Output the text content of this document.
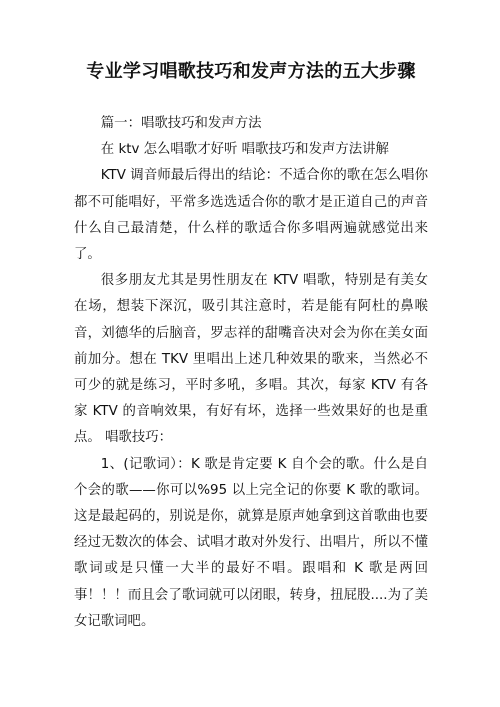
专业学习唱歌技巧和发声方法的五大步骤

篇一：唱歌技巧和发声方法

在 ktv 怎么唱歌才好听 唱歌技巧和发声方法讲解

KTV 调音师最后得出的结论：不适合你的歌在怎么唱你都不可能唱好，平常多选选适合你的歌才是正道自己的声音什么自己最清楚，什么样的歌适合你多唱两遍就感觉出来了。

很多朋友尤其是男性朋友在 KTV 唱歌，特别是有美女在场，想装下深沉，吸引其注意时，若是能有阿杜的鼻喉音，刘德华的后脑音，罗志祥的甜嘴音决对会为你在美女面前加分。想在 TKV 里唱出上述几种效果的歌来，当然必不可少的就是练习，平时多吼，多唱。其次，每家 KTV 有各家 KTV 的音响效果，有好有坏，选择一些效果好的也是重点。 唱歌技巧：

1、(记歌词）：K 歌是肯定要 K 自个会的歌。什么是自个会的歌——你可以%95 以上完全记的你要 K 歌的歌词。这是最起码的，别说是你，就算是原声她拿到这首歌曲也要经过无数次的体会、试唱才敢对外发行、出唱片，所以不懂歌词或是只懂一大半的最好不唱。跟唱和 K 歌是两回事！！！而且会了歌词就可以闭眼，转身，扭屁股....为了美女记歌词吧。
